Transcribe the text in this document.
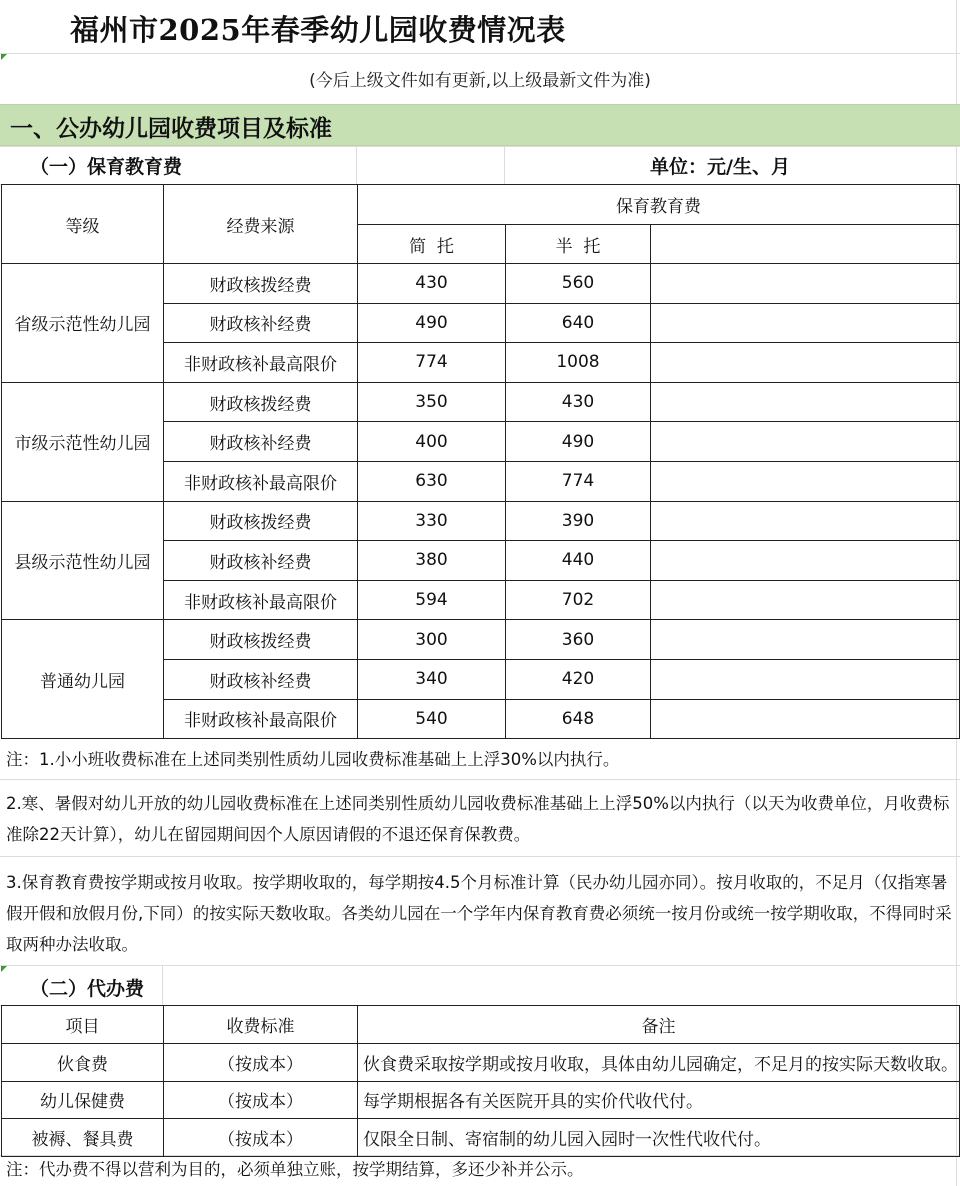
福州市2025年春季幼儿园收费情况表
(今后上级文件如有更新,以上级最新文件为准)
一、公办幼儿园收费项目及标准
（一）保育教育费	单位：元/生、月
等级	经费来源	保育教育费		
		简  托	半  托	
省级示范性幼儿园	财政核拨经费	430	560	
	财政核补经费	490	640	
	非财政核补最高限价	774	1008	
市级示范性幼儿园	财政核拨经费	350	430	
	财政核补经费	400	490	
	非财政核补最高限价	630	774	
县级示范性幼儿园	财政核拨经费	330	390	
	财政核补经费	380	440	
	非财政核补最高限价	594	702	
普通幼儿园	财政核拨经费	300	360	
	财政核补经费	340	420	
	非财政核补最高限价	540	648	
注：1.小小班收费标准在上述同类别性质幼儿园收费标准基础上上浮30%以内执行。
2.寒、暑假对幼儿开放的幼儿园收费标准在上述同类别性质幼儿园收费标准基础上上浮50%以内执行（以天为收费单位，月收费标准除22天计算），幼儿在留园期间因个人原因请假的不退还保育保教费。
3.保育教育费按学期或按月收取。按学期收取的，每学期按4.5个月标准计算（民办幼儿园亦同）。按月收取的，不足月（仅指寒暑假开假和放假月份,下同）的按实际天数收取。各类幼儿园在一个学年内保育教育费必须统一按月份或统一按学期收取，不得同时采取两种办法收取。
（二）代办费
项目	收费标准	备注
伙食费	（按成本）	伙食费采取按学期或按月收取，具体由幼儿园确定，不足月的按实际天数收取。
幼儿保健费	（按成本）	每学期根据各有关医院开具的实价代收代付。
被褥、餐具费	（按成本）	仅限全日制、寄宿制的幼儿园入园时一次性代收代付。
注：代办费不得以营利为目的，必须单独立账，按学期结算，多还少补并公示。
